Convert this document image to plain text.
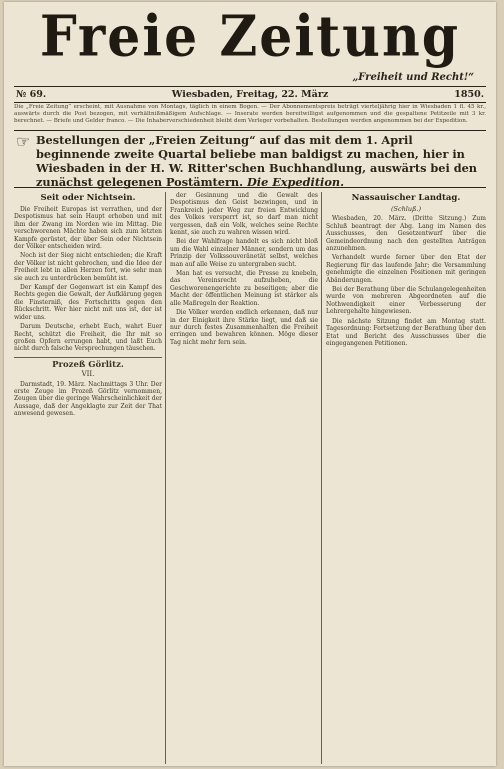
Freie Zeitung
„Freiheit und Recht!“
№ 69.	Wiesbaden, Freitag, 22. März	1850.
Die „Freie Zeitung“ erscheint, mit Ausnahme von Montags, täglich in einem Bogen. — Der Abonnementspreis beträgt vierteljährig hier in Wiesbaden 1 fl. 45 kr., auswärts durch die Post bezogen, mit verhältnißmäßigem Aufschlage. — Inserate werden bereitwilligst aufgenommen und die gespaltene Petitzeile mit 3 kr. berechnet. — Briefe und Gelder franco. — Die Inhaberverschiedenheit bleibt dem Verleger vorbehalten. Bestellungen werden angenommen bei der Expedition.
☞ Bestellungen der „Freien Zeitung“ auf das mit dem 1. April beginnende zweite Quartal beliebe man baldigst zu machen, hier in Wiesbaden in der H. W. Ritter'schen Buchhandlung, auswärts bei den zunächst gelegenen Postämtern. Die Expedition.
Seit oder Nichtsein.

Die Freiheit Europas ist verrathen, und der Despotismus hat sein Haupt erhoben und mit ihm der Zwang im Norden wie im Mittag. Die verschworenen Mächte haben sich zum letzten Kampfe gerüstet, der über Sein oder Nichtsein der Völker entscheiden wird.

Noch ist der Sieg nicht entschieden; die Kraft der Völker ist nicht gebrochen, und die Idee der Freiheit lebt in allen Herzen fort, wie sehr man sie auch zu unterdrücken bemüht ist.

Der Kampf der Gegenwart ist ein Kampf des Rechts gegen die Gewalt, der Aufklärung gegen die Finsterniß, des Fortschritts gegen den Rückschritt. Wer hier nicht mit uns ist, der ist wider uns.

Darum Deutsche, erhebt Euch, wahrt Euer Recht, schützt die Freiheit, die Ihr mit so großen Opfern errungen habt, und laßt Euch nicht durch falsche Versprechungen täuschen.

Prozeß Görlitz.

VII.

Darmstadt, 19. März. Nachmittags 3 Uhr. Der erste Zeuge im Prozeß Görlitz vernommen, Zeugen über die geringe Wahrscheinlichkeit der Aussage, daß der Angeklagte zur Zeit der That anwesend gewesen.

der Gesinnung und die Gewalt des Despotismus den Geist bezwingen, und in Frankreich jeder Weg zur freien Entwicklung des Volkes versperrt ist, so darf man nicht vergessen, daß ein Volk, welches seine Rechte kennt, sie auch zu wahren wissen wird.

Bei der Wahlfrage handelt es sich nicht bloß um die Wahl einzelner Männer, sondern um das Prinzip der Volkssouveränetät selbst, welches man auf alle Weise zu untergraben sucht.

Man hat es versucht, die Presse zu knebeln, das Vereinsrecht aufzuheben, die Geschworenengerichte zu beseitigen; aber die Macht der öffentlichen Meinung ist stärker als alle Maßregeln der Reaktion.

Die Völker werden endlich erkennen, daß nur in der Einigkeit ihre Stärke liegt, und daß sie nur durch festes Zusammenhalten die Freiheit erringen und bewahren können. Möge dieser Tag nicht mehr fern sein.

Nassauischer Landtag.
(Schluß.)

Wiesbaden, 20. März. (Dritte Sitzung.) Zum Schluß beantragt der Abg. Lang im Namen des Ausschusses, den Gesetzentwurf über die Gemeindeordnung nach den gestellten Anträgen anzunehmen.

Verhandelt wurde ferner über den Etat der Regierung für das laufende Jahr; die Versammlung genehmigte die einzelnen Positionen mit geringen Abänderungen.

Bei der Berathung über die Schulangelegenheiten wurde von mehreren Abgeordneten auf die Nothwendigkeit einer Verbesserung der Lehrergehalte hingewiesen.

Die nächste Sitzung findet am Montag statt. Tagesordnung: Fortsetzung der Berathung über den Etat und Bericht des Ausschusses über die eingegangenen Petitionen.
